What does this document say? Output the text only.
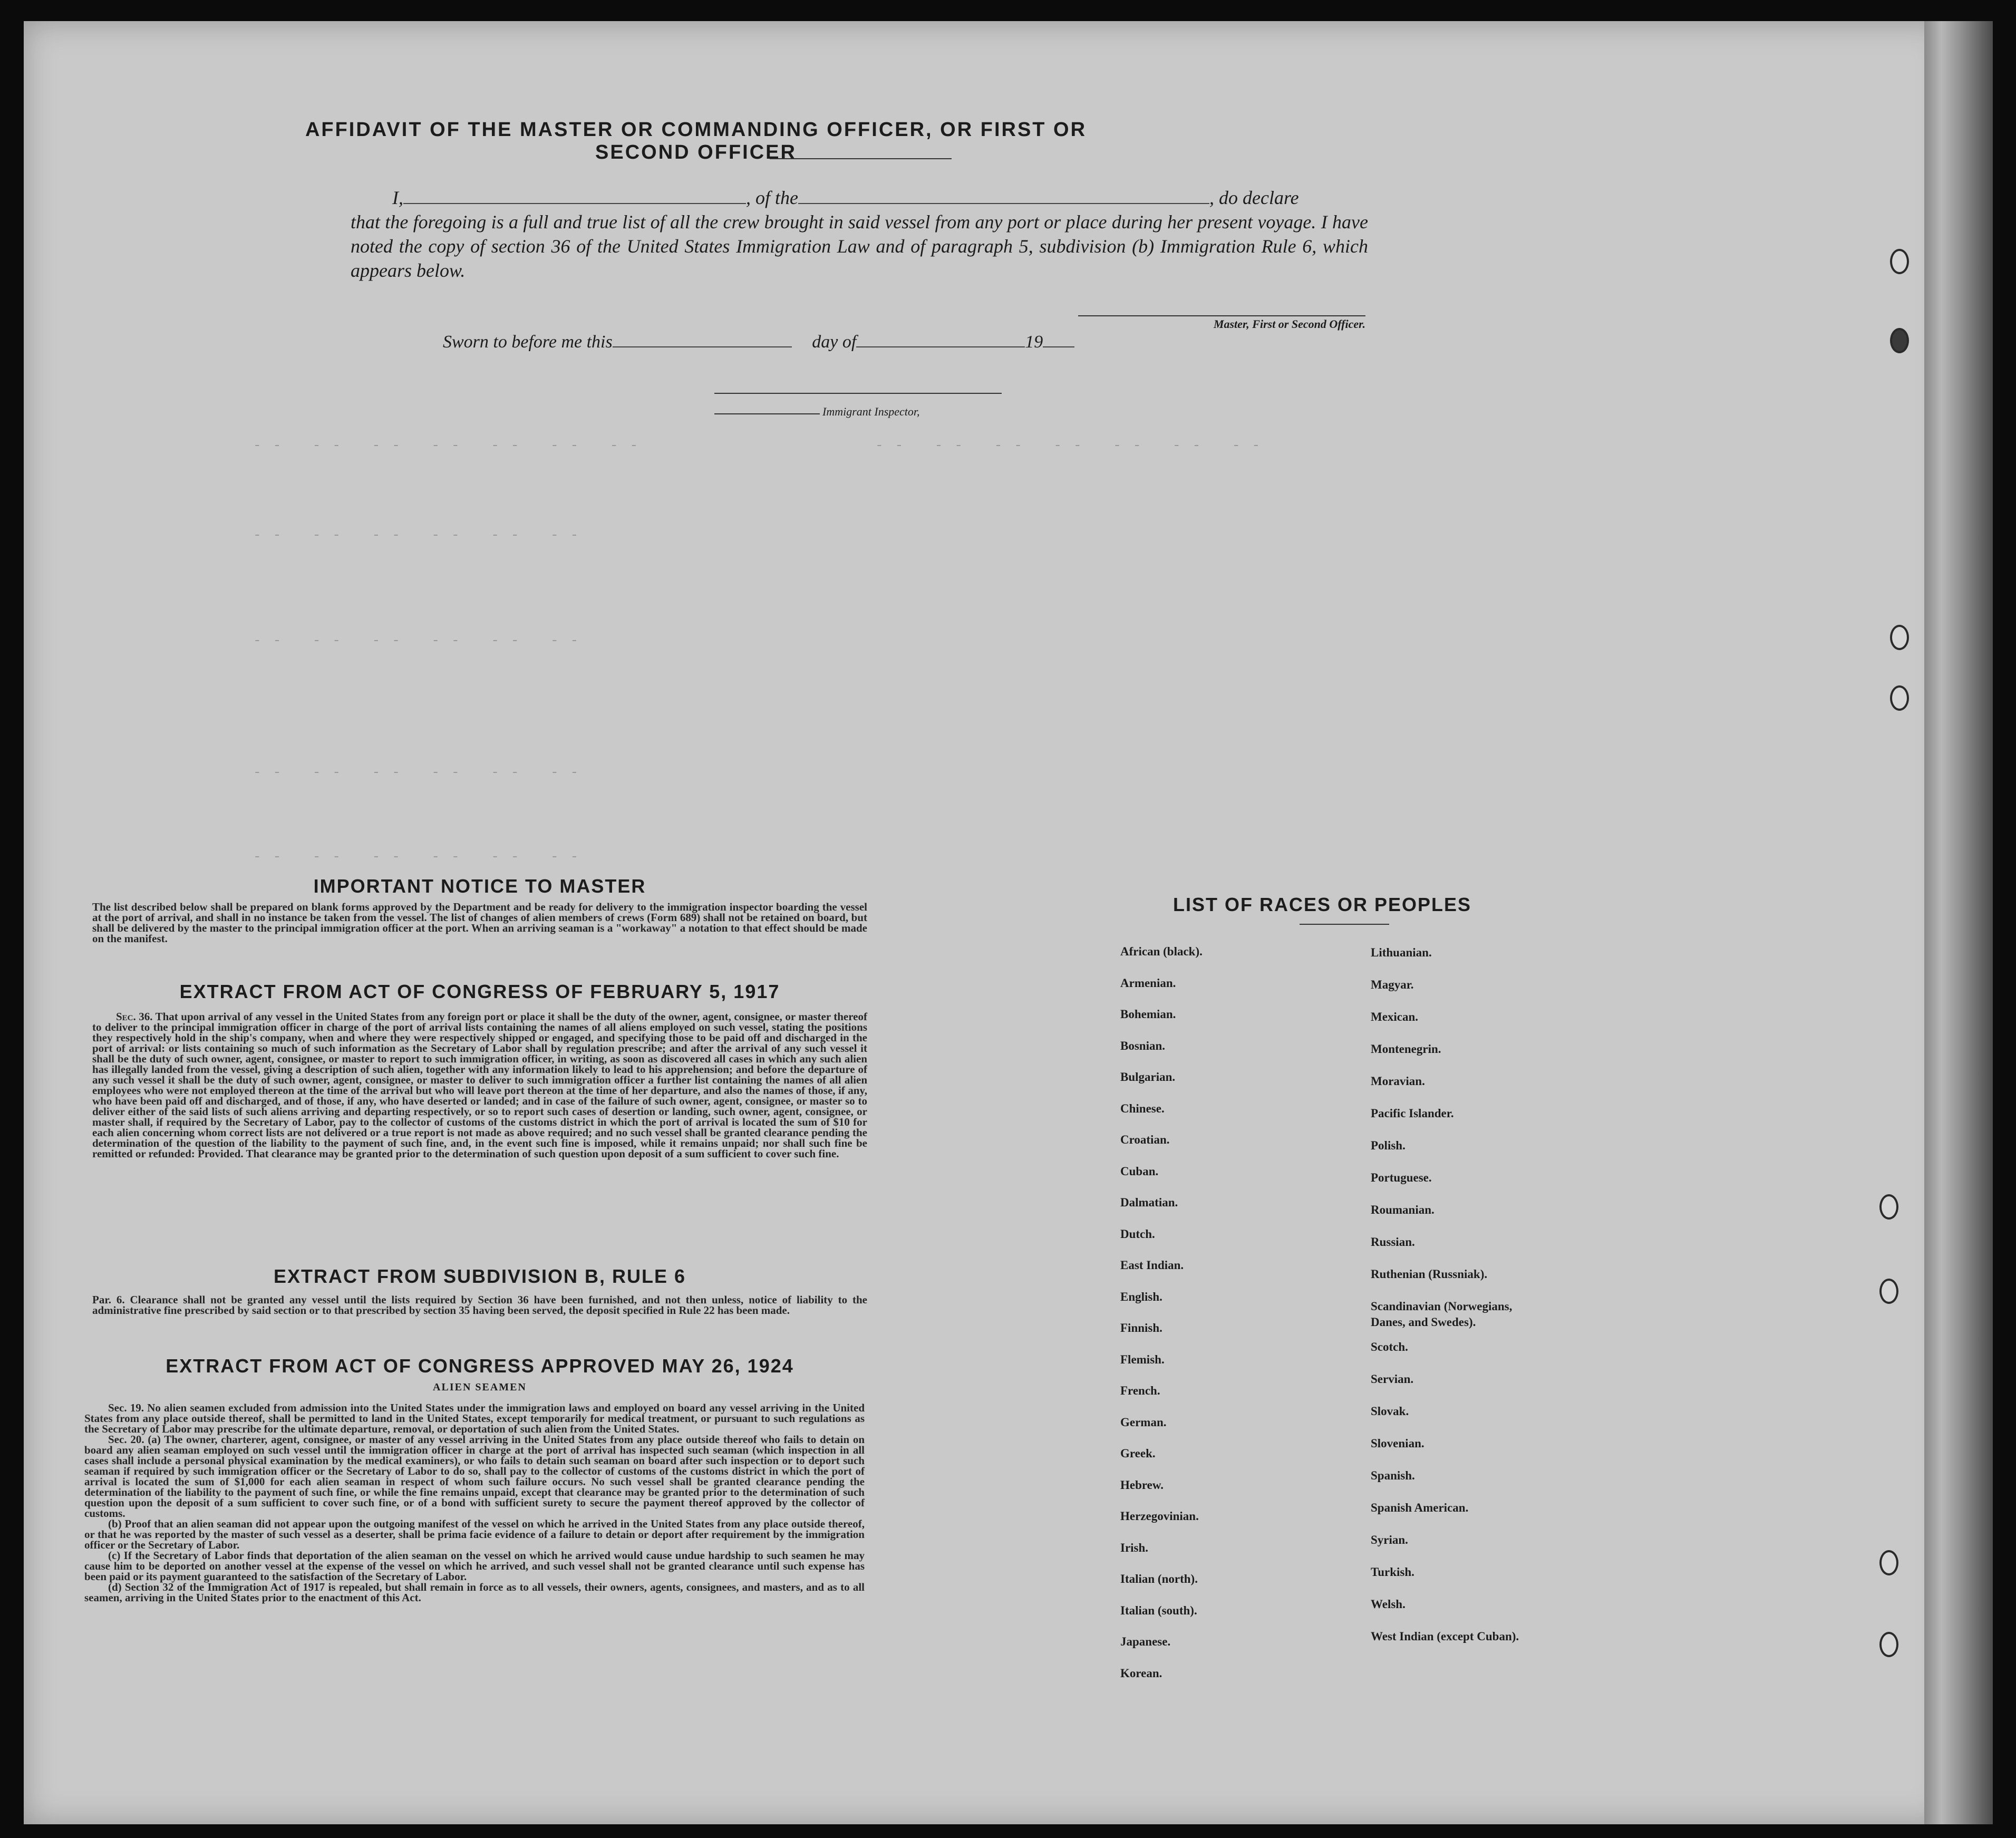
-- -- -- -- -- -- --	-- -- -- -- -- -- --
-- -- -- -- -- --
-- -- -- -- -- --
-- -- -- -- -- --
-- -- -- -- -- --
AFFIDAVIT OF THE MASTER OR COMMANDING OFFICER, OR FIRST OR SECOND OFFICER
I,	, of the	, do declare
that the foregoing is a full and true list of all the crew brought in said vessel from any port or place during her present voyage. I have noted the copy of section 36 of the United States Immigration Law and of paragraph 5, subdivision (b) Immigration Rule 6, which appears below.
Master, First or Second Officer.
Sworn to before me this	day of	19
Immigrant Inspector,
IMPORTANT NOTICE TO MASTER
The list described below shall be prepared on blank forms approved by the Department and be ready for delivery to the immigration inspector boarding the vessel at the port of arrival, and shall in no instance be taken from the vessel. The list of changes of alien members of crews (Form 689) shall not be retained on board, but shall be delivered by the master to the principal immigration officer at the port. When an arriving seaman is a "workaway" a notation to that effect should be made on the manifest.
EXTRACT FROM ACT OF CONGRESS OF FEBRUARY 5, 1917
Sec. 36. That upon arrival of any vessel in the United States from any foreign port or place it shall be the duty of the owner, agent, consignee, or master thereof to deliver to the principal immigration officer in charge of the port of arrival lists containing the names of all aliens employed on such vessel, stating the positions they respectively hold in the ship's company, when and where they were respectively shipped or engaged, and specifying those to be paid off and discharged in the port of arrival: or lists containing so much of such information as the Secretary of Labor shall by regulation prescribe; and after the arrival of any such vessel it shall be the duty of such owner, agent, consignee, or master to report to such immigration officer, in writing, as soon as discovered all cases in which any such alien has illegally landed from the vessel, giving a description of such alien, together with any information likely to lead to his apprehension; and before the departure of any such vessel it shall be the duty of such owner, agent, consignee, or master to deliver to such immigration officer a further list containing the names of all alien employees who were not employed thereon at the time of the arrival but who will leave port thereon at the time of her departure, and also the names of those, if any, who have been paid off and discharged, and of those, if any, who have deserted or landed; and in case of the failure of such owner, agent, consignee, or master so to deliver either of the said lists of such aliens arriving and departing respectively, or so to report such cases of desertion or landing, such owner, agent, consignee, or master shall, if required by the Secretary of Labor, pay to the collector of customs of the customs district in which the port of arrival is located the sum of $10 for each alien concerning whom correct lists are not delivered or a true report is not made as above required; and no such vessel shall be granted clearance pending the determination of the question of the liability to the payment of such fine, and, in the event such fine is imposed, while it remains unpaid; nor shall such fine be remitted or refunded: Provided. That clearance may be granted prior to the determination of such question upon deposit of a sum sufficient to cover such fine.
EXTRACT FROM SUBDIVISION B, RULE 6
Par. 6. Clearance shall not be granted any vessel until the lists required by Section 36 have been furnished, and not then unless, notice of liability to the administrative fine prescribed by said section or to that prescribed by section 35 having been served, the deposit specified in Rule 22 has been made.
EXTRACT FROM ACT OF CONGRESS APPROVED MAY 26, 1924
ALIEN SEAMEN
Sec. 19. No alien seamen excluded from admission into the United States under the immigration laws and employed on board any vessel arriving in the United States from any place outside thereof, shall be permitted to land in the United States, except temporarily for medical treatment, or pursuant to such regulations as the Secretary of Labor may prescribe for the ultimate departure, removal, or deportation of such alien from the United States.
Sec. 20. (a) The owner, charterer, agent, consignee, or master of any vessel arriving in the United States from any place outside thereof who fails to detain on board any alien seaman employed on such vessel until the immigration officer in charge at the port of arrival has inspected such seaman (which inspection in all cases shall include a personal physical examination by the medical examiners), or who fails to detain such seaman on board after such inspection or to deport such seaman if required by such immigration officer or the Secretary of Labor to do so, shall pay to the collector of customs of the customs district in which the port of arrival is located the sum of $1,000 for each alien seaman in respect of whom such failure occurs. No such vessel shall be granted clearance pending the determination of the liability to the payment of such fine, or while the fine remains unpaid, except that clearance may be granted prior to the determination of such question upon the deposit of a sum sufficient to cover such fine, or of a bond with sufficient surety to secure the payment thereof approved by the collector of customs.
(b) Proof that an alien seaman did not appear upon the outgoing manifest of the vessel on which he arrived in the United States from any place outside thereof, or that he was reported by the master of such vessel as a deserter, shall be prima facie evidence of a failure to detain or deport after requirement by the immigration officer or the Secretary of Labor.
(c) If the Secretary of Labor finds that deportation of the alien seaman on the vessel on which he arrived would cause undue hardship to such seamen he may cause him to be deported on another vessel at the expense of the vessel on which he arrived, and such vessel shall not be granted clearance until such expense has been paid or its payment guaranteed to the satisfaction of the Secretary of Labor.
(d) Section 32 of the Immigration Act of 1917 is repealed, but shall remain in force as to all vessels, their owners, agents, consignees, and masters, and as to all seamen, arriving in the United States prior to the enactment of this Act.
LIST OF RACES OR PEOPLES
African (black).
Armenian.
Bohemian.
Bosnian.
Bulgarian.
Chinese.
Croatian.
Cuban.
Dalmatian.
Dutch.
East Indian.
English.
Finnish.
Flemish.
French.
German.
Greek.
Hebrew.
Herzegovinian.
Irish.
Italian (north).
Italian (south).
Japanese.
Korean.
Lithuanian.
Magyar.
Mexican.
Montenegrin.
Moravian.
Pacific Islander.
Polish.
Portuguese.
Roumanian.
Russian.
Ruthenian (Russniak).
Scandinavian (Norwegians,
Danes, and Swedes).
Scotch.
Servian.
Slovak.
Slovenian.
Spanish.
Spanish American.
Syrian.
Turkish.
Welsh.
West Indian (except Cuban).
